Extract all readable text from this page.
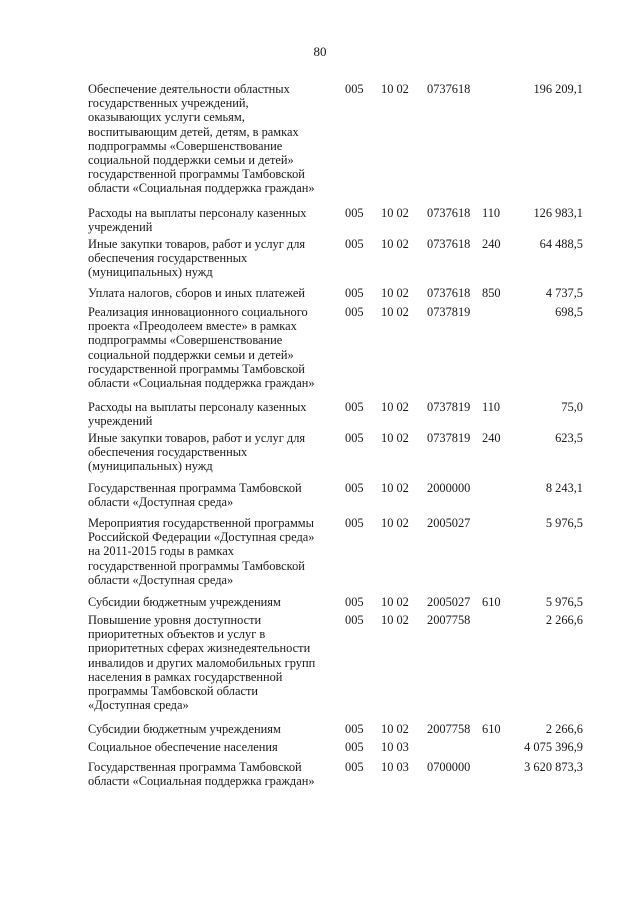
80
Обеспечение деятельности областных
государственных учреждений,
оказывающих услуги семьям,
воспитывающим детей, детям, в рамках
подпрограммы «Совершенствование
социальной поддержки семьи и детей»
государственной программы Тамбовской
области «Социальная поддержка граждан»
005	10 02	0737618	196 209,1
Расходы на выплаты персоналу казенных
учреждений
005	10 02	0737618 110	126 983,1
Иные закупки товаров, работ и услуг для
обеспечения государственных
(муниципальных) нужд
005	10 02	0737618 240	64 488,5
Уплата налогов, сборов и иных платежей	005	10 02	0737618 850	4 737,5
Реализация инновационного социального
проекта «Преодолеем вместе» в рамках
подпрограммы «Совершенствование
социальной поддержки семьи и детей»
государственной программы Тамбовской
области «Социальная поддержка граждан»
005	10 02	0737819	698,5
Расходы на выплаты персоналу казенных
учреждений
005	10 02	0737819 110	75,0
Иные закупки товаров, работ и услуг для
обеспечения государственных
(муниципальных) нужд
005	10 02	0737819 240	623,5
Государственная программа Тамбовской
области «Доступная среда»
005	10 02	2000000	8 243,1
Мероприятия государственной программы
Российской Федерации «Доступная среда»
на 2011-2015 годы в рамках
государственной программы Тамбовской
области «Доступная среда»
005	10 02	2005027	5 976,5
Субсидии бюджетным учреждениям	005	10 02	2005027 610	5 976,5
Повышение уровня доступности
приоритетных объектов и услуг в
приоритетных сферах жизнедеятельности
инвалидов и других маломобильных групп
населения в рамках государственной
программы Тамбовской области
«Доступная среда»
005	10 02	2007758	2 266,6
Субсидии бюджетным учреждениям	005	10 02	2007758 610	2 266,6
Социальное обеспечение населения	005	10 03	4 075 396,9
Государственная программа Тамбовской
области «Социальная поддержка граждан»
005	10 03	0700000	3 620 873,3
